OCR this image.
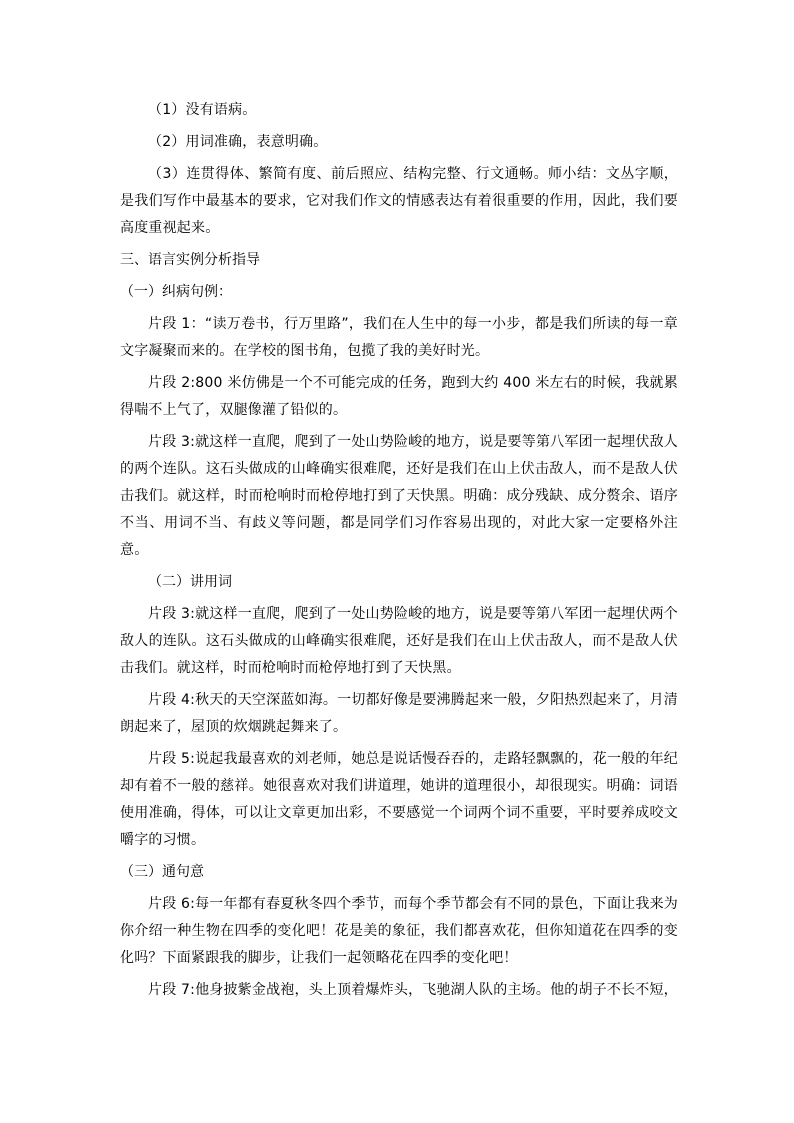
（1）没有语病。

（2）用词准确，表意明确。

（3）连贯得体、繁简有度、前后照应、结构完整、行文通畅。师小结：文丛字顺，是我们写作中最基本的要求，它对我们作文的情感表达有着很重要的作用，因此，我们要高度重视起来。

三、语言实例分析指导

（一）纠病句例：

片段 1：“读万卷书，行万里路”，我们在人生中的每一小步，都是我们所读的每一章文字凝聚而来的。在学校的图书角，包揽了我的美好时光。

片段 2:800 米仿佛是一个不可能完成的任务，跑到大约 400 米左右的时候，我就累得喘不上气了，双腿像灌了铅似的。

片段 3:就这样一直爬，爬到了一处山势险峻的地方，说是要等第八军团一起埋伏敌人的两个连队。这石头做成的山峰确实很难爬，还好是我们在山上伏击敌人，而不是敌人伏击我们。就这样，时而枪响时而枪停地打到了天快黑。明确：成分残缺、成分赘余、语序不当、用词不当、有歧义等问题，都是同学们习作容易出现的，对此大家一定要格外注意。

（二）讲用词

片段 3:就这样一直爬，爬到了一处山势险峻的地方，说是要等第八军团一起埋伏两个敌人的连队。这石头做成的山峰确实很难爬，还好是我们在山上伏击敌人，而不是敌人伏击我们。就这样，时而枪响时而枪停地打到了天快黑。

片段 4:秋天的天空深蓝如海。一切都好像是要沸腾起来一般，夕阳热烈起来了，月清朗起来了，屋顶的炊烟跳起舞来了。

片段 5:说起我最喜欢的刘老师，她总是说话慢吞吞的，走路轻飘飘的，花一般的年纪却有着不一般的慈祥。她很喜欢对我们讲道理，她讲的道理很小，却很现实。明确：词语使用准确，得体，可以让文章更加出彩，不要感觉一个词两个词不重要，平时要养成咬文嚼字的习惯。

（三）通句意

片段 6:每一年都有春夏秋冬四个季节，而每个季节都会有不同的景色，下面让我来为你介绍一种生物在四季的变化吧！花是美的象征，我们都喜欢花，但你知道花在四季的变化吗？下面紧跟我的脚步，让我们一起领略花在四季的变化吧！

片段 7:他身披紫金战袍，头上顶着爆炸头，飞驰湖人队的主场。他的胡子不长不短，
